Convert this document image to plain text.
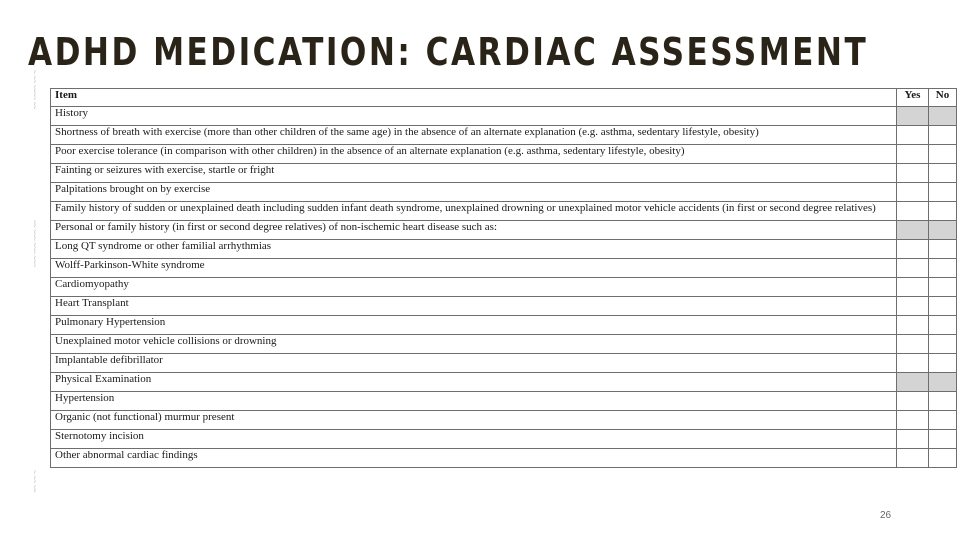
ADHD MEDICATION: CARDIAC ASSESSMENT
~ ~~ ~~~~ ~~
~~ ~~~ ~~~ ~~~
~ ~~ ~~
Item	Yes	No
History		
Shortness of breath with exercise (more than other children of the same age) in the absence of an alternate explanation (e.g. asthma, sedentary lifestyle, obesity)		
Poor exercise tolerance (in comparison with other children) in the absence of an alternate explanation (e.g. asthma, sedentary lifestyle, obesity)		
Fainting or seizures with exercise, startle or fright		
Palpitations brought on by exercise		
Family history of sudden or unexplained death including sudden infant death syndrome, unexplained drowning or unexplained motor vehicle accidents (in first or second degree relatives)		
Personal or family history (in first or second degree relatives) of non-ischemic heart disease such as:		
Long QT syndrome or other familial arrhythmias		
Wolff-Parkinson-White syndrome		
Cardiomyopathy		
Heart Transplant		
Pulmonary Hypertension		
Unexplained motor vehicle collisions or drowning		
Implantable defibrillator		
Physical Examination		
Hypertension		
Organic (not functional) murmur present		
Sternotomy incision		
Other abnormal cardiac findings		
26
